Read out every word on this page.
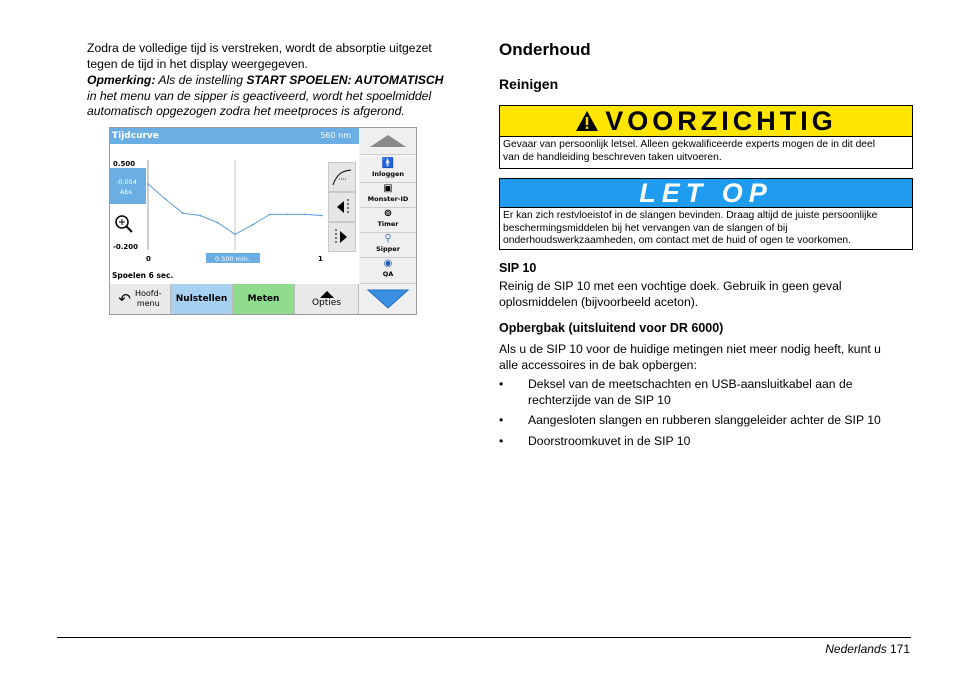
Zodra de volledige tijd is verstreken, wordt de absorptie uitgezet

tegen de tijd in het display weergegeven.

Opmerking: Als de instelling START SPOELEN: AUTOMATISCH

in het menu van de sipper is geactiveerd, wordt het spoelmiddel

automatisch opgezogen zodra het meetproces is afgerond.

Tijdcurve	560 nm
0.500
-0.054
Abs
-0.200
0	0.500 min.	1
Spoelen 6 sec.
🚹
Inloggen
▣
Monster-ID
⊚
Timer
⚲
Sipper
◉
QA
↶ Hoofd-
menu	Nulstellen	Meten	Opties
Onderhoud
Reinigen
VOORZICHTIG

Gevaar van persoonlijk letsel. Alleen gekwalificeerde experts mogen de in dit deel

van de handleiding beschreven taken uitvoeren.

LET OP

Er kan zich restvloeistof in de slangen bevinden. Draag altijd de juiste persoonlijke

beschermingsmiddelen bij het vervangen van de slangen of bij

onderhoudswerkzaamheden, om contact met de huid of ogen te voorkomen.

SIP 10

Reinig de SIP 10 met een vochtige doek. Gebruik in geen geval

oplosmiddelen (bijvoorbeeld aceton).

Opbergbak (uitsluitend voor DR 6000)

Als u de SIP 10 voor de huidige metingen niet meer nodig heeft, kunt u

alle accessoires in de bak opbergen:

• Deksel van de meetschachten en USB-aansluitkabel aan de
rechterzijde van de SIP 10
• Aangesloten slangen en rubberen slanggeleider achter de SIP 10
• Doorstroomkuvet in de SIP 10
Nederlands 171
